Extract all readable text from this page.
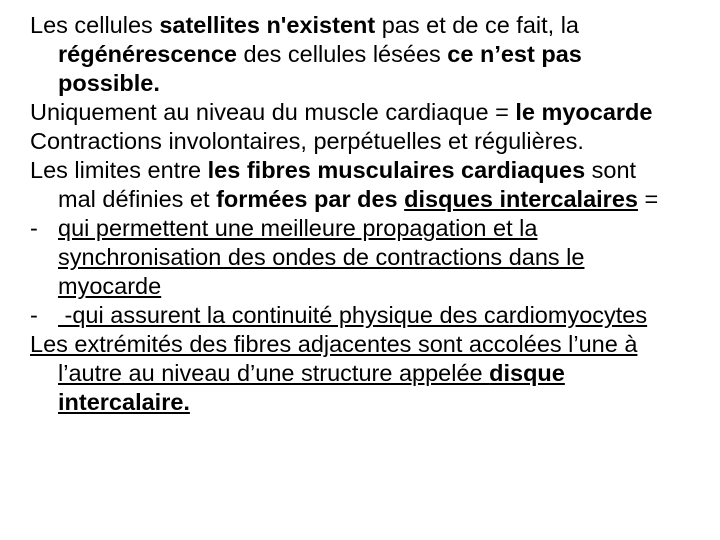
Les cellules satellites n'existent pas et de ce fait, la régénérescence des cellules lésées ce n’est pas possible.

Uniquement au niveau du muscle cardiaque = le myocarde

Contractions involontaires, perpétuelles et régulières.

Les limites entre les fibres musculaires cardiaques sont mal définies et formées par des disques intercalaires =

- qui permettent une meilleure propagation et la synchronisation des ondes de contractions dans le myocarde

- -qui assurent la continuité physique des cardiomyocytes

Les extrémités des fibres adjacentes sont accolées l’une à l’autre au niveau d’une structure appelée disque intercalaire.
